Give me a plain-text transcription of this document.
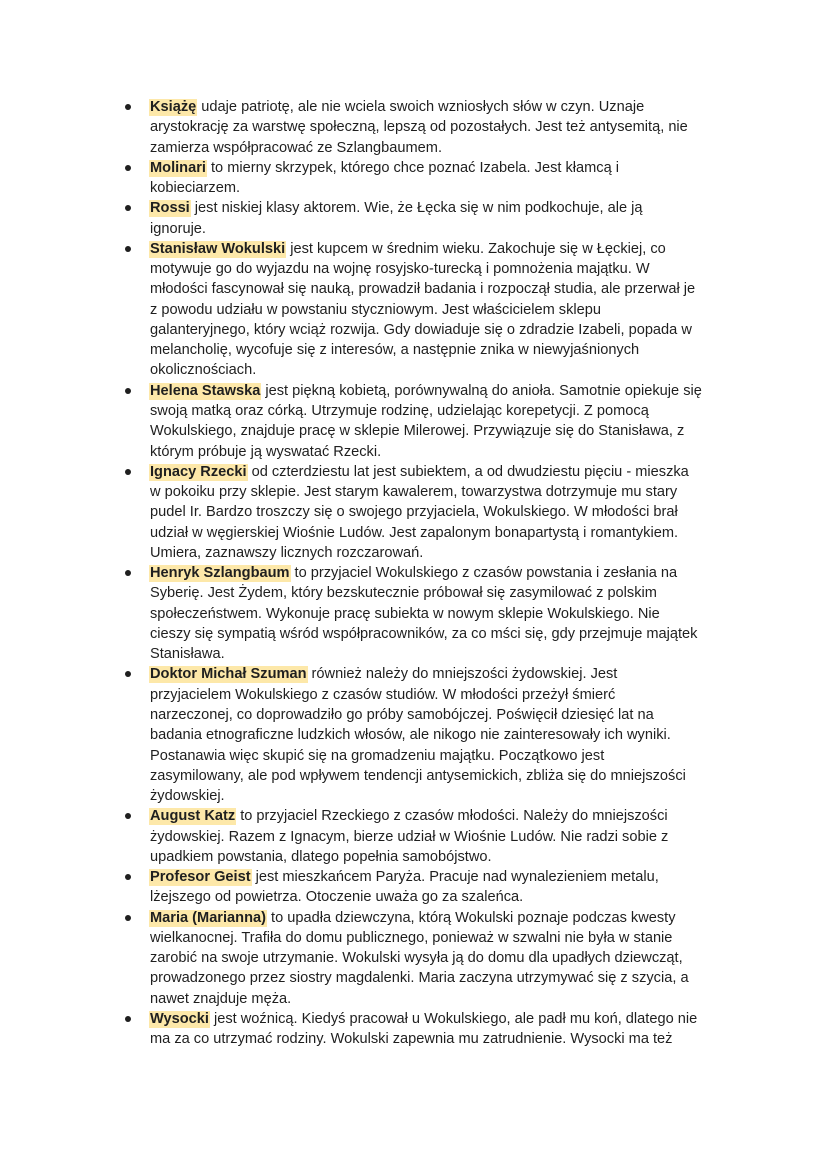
Książę udaje patriotę, ale nie wciela swoich wzniosłych słów w czyn. Uznaje
arystokrację za warstwę społeczną, lepszą od pozostałych. Jest też antysemitą, nie
zamierza współpracować ze Szlangbaumem.
Molinari to mierny skrzypek, którego chce poznać Izabela. Jest kłamcą i
kobieciarzem.
Rossi jest niskiej klasy aktorem. Wie, że Łęcka się w nim podkochuje, ale ją
ignoruje.
Stanisław Wokulski jest kupcem w średnim wieku. Zakochuje się w Łęckiej, co
motywuje go do wyjazdu na wojnę rosyjsko-turecką i pomnożenia majątku. W
młodości fascynował się nauką, prowadził badania i rozpoczął studia, ale przerwał je
z powodu udziału w powstaniu styczniowym. Jest właścicielem sklepu
galanteryjnego, który wciąż rozwija. Gdy dowiaduje się o zdradzie Izabeli, popada w
melancholię, wycofuje się z interesów, a następnie znika w niewyjaśnionych
okolicznościach.
Helena Stawska jest piękną kobietą, porównywalną do anioła. Samotnie opiekuje się
swoją matką oraz córką. Utrzymuje rodzinę, udzielając korepetycji. Z pomocą
Wokulskiego, znajduje pracę w sklepie Milerowej. Przywiązuje się do Stanisława, z
którym próbuje ją wyswatać Rzecki.
Ignacy Rzecki od czterdziestu lat jest subiektem, a od dwudziestu pięciu - mieszka
w pokoiku przy sklepie. Jest starym kawalerem, towarzystwa dotrzymuje mu stary
pudel Ir. Bardzo troszczy się o swojego przyjaciela, Wokulskiego. W młodości brał
udział w węgierskiej Wiośnie Ludów. Jest zapalonym bonapartystą i romantykiem.
Umiera, zaznawszy licznych rozczarowań.
Henryk Szlangbaum to przyjaciel Wokulskiego z czasów powstania i zesłania na
Syberię. Jest Żydem, który bezskutecznie próbował się zasymilować z polskim
społeczeństwem. Wykonuje pracę subiekta w nowym sklepie Wokulskiego. Nie
cieszy się sympatią wśród współpracowników, za co mści się, gdy przejmuje majątek
Stanisława.
Doktor Michał Szuman również należy do mniejszości żydowskiej. Jest
przyjacielem Wokulskiego z czasów studiów. W młodości przeżył śmierć
narzeczonej, co doprowadziło go próby samobójczej. Poświęcił dziesięć lat na
badania etnograficzne ludzkich włosów, ale nikogo nie zainteresowały ich wyniki.
Postanawia więc skupić się na gromadzeniu majątku. Początkowo jest
zasymilowany, ale pod wpływem tendencji antysemickich, zbliża się do mniejszości
żydowskiej.
August Katz to przyjaciel Rzeckiego z czasów młodości. Należy do mniejszości
żydowskiej. Razem z Ignacym, bierze udział w Wiośnie Ludów. Nie radzi sobie z
upadkiem powstania, dlatego popełnia samobójstwo.
Profesor Geist jest mieszkańcem Paryża. Pracuje nad wynalezieniem metalu,
lżejszego od powietrza. Otoczenie uważa go za szaleńca.
Maria (Marianna) to upadła dziewczyna, którą Wokulski poznaje podczas kwesty
wielkanocnej. Trafiła do domu publicznego, ponieważ w szwalni nie była w stanie
zarobić na swoje utrzymanie. Wokulski wysyła ją do domu dla upadłych dziewcząt,
prowadzonego przez siostry magdalenki. Maria zaczyna utrzymywać się z szycia, a
nawet znajduje męża.
Wysocki jest woźnicą. Kiedyś pracował u Wokulskiego, ale padł mu koń, dlatego nie
ma za co utrzymać rodziny. Wokulski zapewnia mu zatrudnienie. Wysocki ma też
